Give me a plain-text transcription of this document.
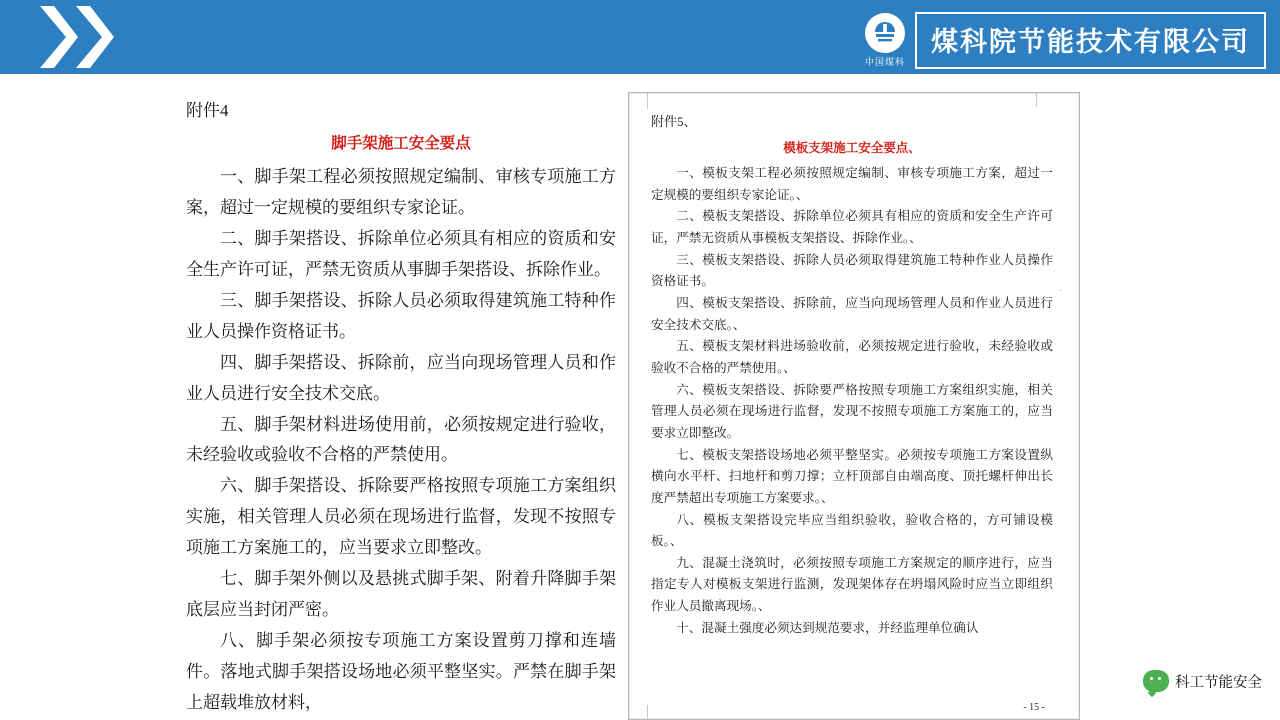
中国煤科
煤科院节能技术有限公司
附件4
脚手架施工安全要点

一、脚手架工程必须按照规定编制、审核专项施工方案，超过一定规模的要组织专家论证。

二、脚手架搭设、拆除单位必须具有相应的资质和安全生产许可证，严禁无资质从事脚手架搭设、拆除作业。

三、脚手架搭设、拆除人员必须取得建筑施工特种作业人员操作资格证书。

四、脚手架搭设、拆除前，应当向现场管理人员和作业人员进行安全技术交底。

五、脚手架材料进场使用前，必须按规定进行验收，未经验收或验收不合格的严禁使用。

六、脚手架搭设、拆除要严格按照专项施工方案组织实施，相关管理人员必须在现场进行监督，发现不按照专项施工方案施工的，应当要求立即整改。

七、脚手架外侧以及悬挑式脚手架、附着升降脚手架底层应当封闭严密。

八、脚手架必须按专项施工方案设置剪刀撑和连墙件。落地式脚手架搭设场地必须平整坚实。严禁在脚手架上超载堆放材料，

附件5、
模板支架施工安全要点、

一、模板支架工程必须按照规定编制、审核专项施工方案，超过一定规模的要组织专家论证。、

二、模板支架搭设、拆除单位必须具有相应的资质和安全生产许可证，严禁无资质从事模板支架搭设、拆除作业。、

三、模板支架搭设、拆除人员必须取得建筑施工特种作业人员操作资格证书。

四、模板支架搭设、拆除前，应当向现场管理人员和作业人员进行安全技术交底。、

五、模板支架材料进场验收前，必须按规定进行验收，未经验收或验收不合格的严禁使用。、

六、模板支架搭设、拆除要严格按照专项施工方案组织实施，相关管理人员必须在现场进行监督，发现不按照专项施工方案施工的，应当要求立即整改。

七、模板支架搭设场地必须平整坚实。必须按专项施工方案设置纵横向水平杆、扫地杆和剪刀撑；立杆顶部自由端高度、顶托螺杆伸出长度严禁超出专项施工方案要求。、

八、模板支架搭设完毕应当组织验收，验收合格的，方可铺设模板。、

九、混凝土浇筑时，必须按照专项施工方案规定的顺序进行，应当指定专人对模板支架进行监测，发现架体存在坍塌风险时应当立即组织作业人员撤离现场。、

十、混凝土强度必须达到规范要求，并经监理单位确认

- 15 -
科工节能安全
